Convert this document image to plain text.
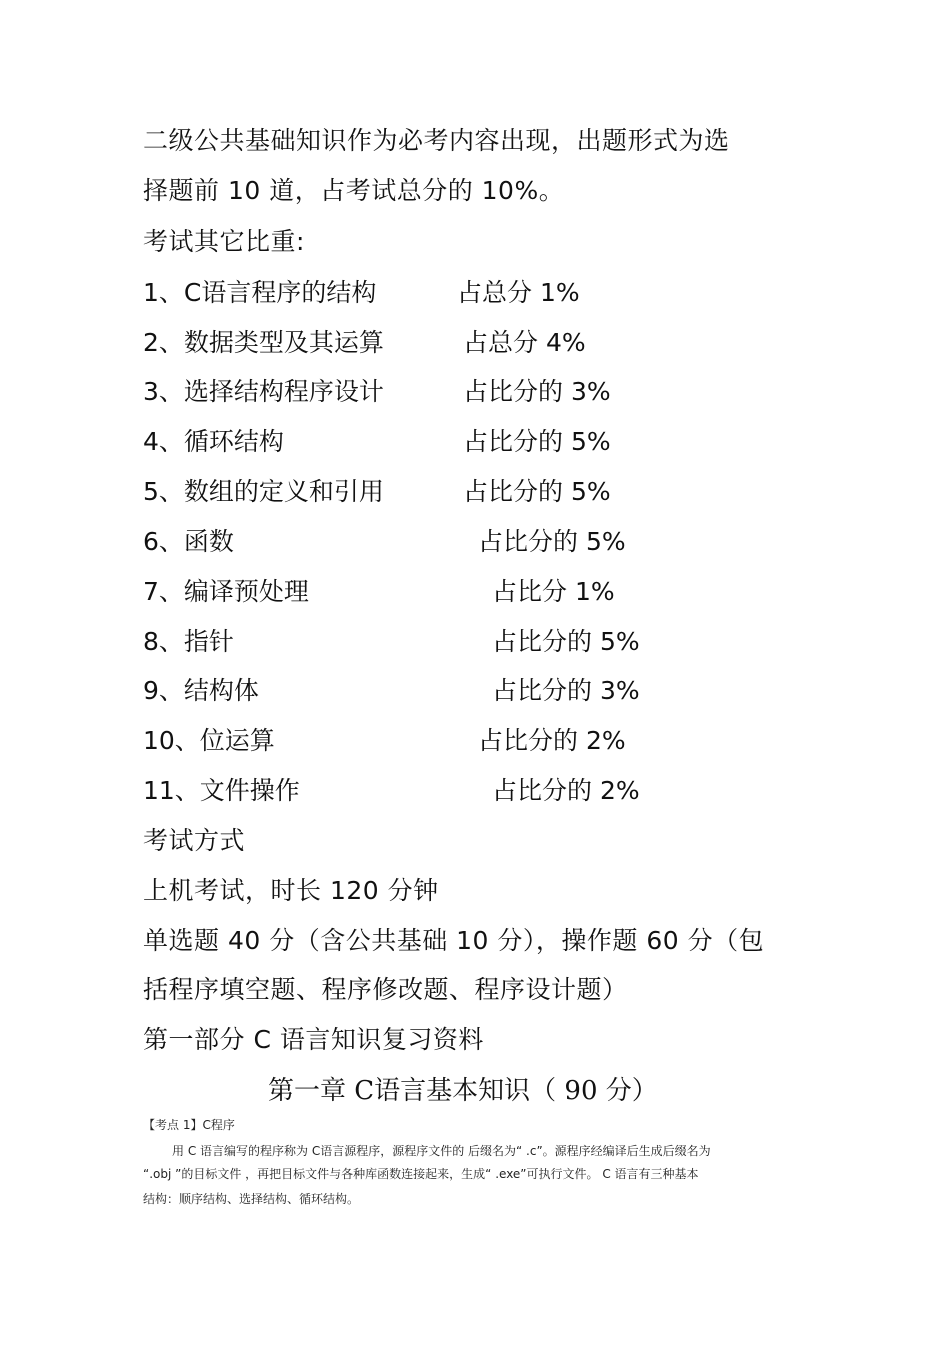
二级公共基础知识作为必考内容出现，出题形式为选
择题前 10 道，占考试总分的 10%。
考试其它比重:
1、C语言程序的结构	占总分 1%
2、数据类型及其运算	占总分 4%
3、选择结构程序设计	占比分的 3%
4、循环结构	占比分的 5%
5、数组的定义和引用	占比分的 5%
6、函数	占比分的 5%
7、编译预处理	占比分 1%
8、指针	占比分的 5%
9、结构体	占比分的 3%
10、位运算	占比分的 2%
11、文件操作	占比分的 2%
考试方式
上机考试，时长 120 分钟
单选题 40 分（含公共基础 10 分），操作题 60 分（包
括程序填空题、程序修改题、程序设计题）
第一部分 C 语言知识复习资料
第一章 C语言基本知识（ 90 分）
【考点 1】C程序
用 C 语言编写的程序称为 C语言源程序，源程序文件的 后缀名为“ .c”。源程序经编译后生成后缀名为
“.obj ”的目标文件 ，再把目标文件与各种库函数连接起来，生成“ .exe”可执行文件。 C 语言有三种基本
结构：顺序结构、选择结构、循环结构。
